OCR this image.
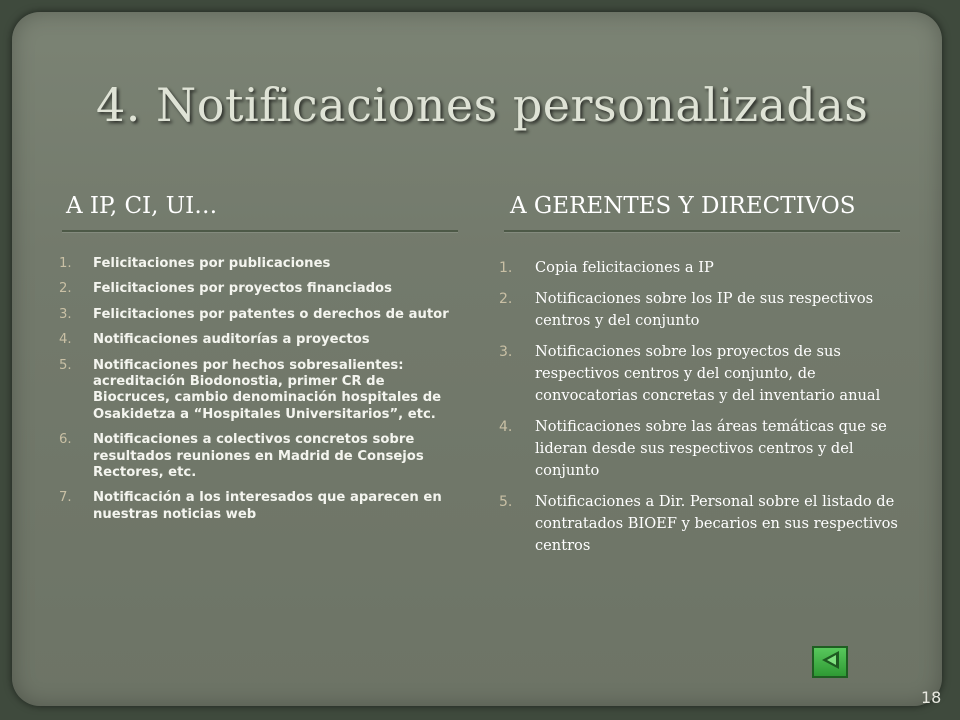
4. Notificaciones personalizadas
A IP, CI, UI…	A GERENTES Y DIRECTIVOS
1. Felicitaciones por publicaciones
2. Felicitaciones por proyectos financiados
3. Felicitaciones por patentes o derechos de autor
4. Notificaciones auditorías a proyectos
5. Notificaciones por hechos sobresalientes: acreditación Biodonostia, primer CR de Biocruces, cambio denominación hospitales de Osakidetza a “Hospitales Universitarios”, etc.
6. Notificaciones a colectivos concretos sobre resultados reuniones en Madrid de Consejos Rectores, etc.
7. Notificación a los interesados que aparecen en nuestras noticias web
1. Copia felicitaciones a IP
2. Notificaciones sobre los IP de sus respectivos centros y del conjunto
3. Notificaciones sobre los proyectos de sus respectivos centros y del conjunto, de convocatorias concretas y del inventario anual
4. Notificaciones sobre las áreas temáticas que se lideran desde sus respectivos centros y del conjunto
5. Notificaciones a Dir. Personal sobre el listado de contratados BIOEF y becarios en sus respectivos centros
18
